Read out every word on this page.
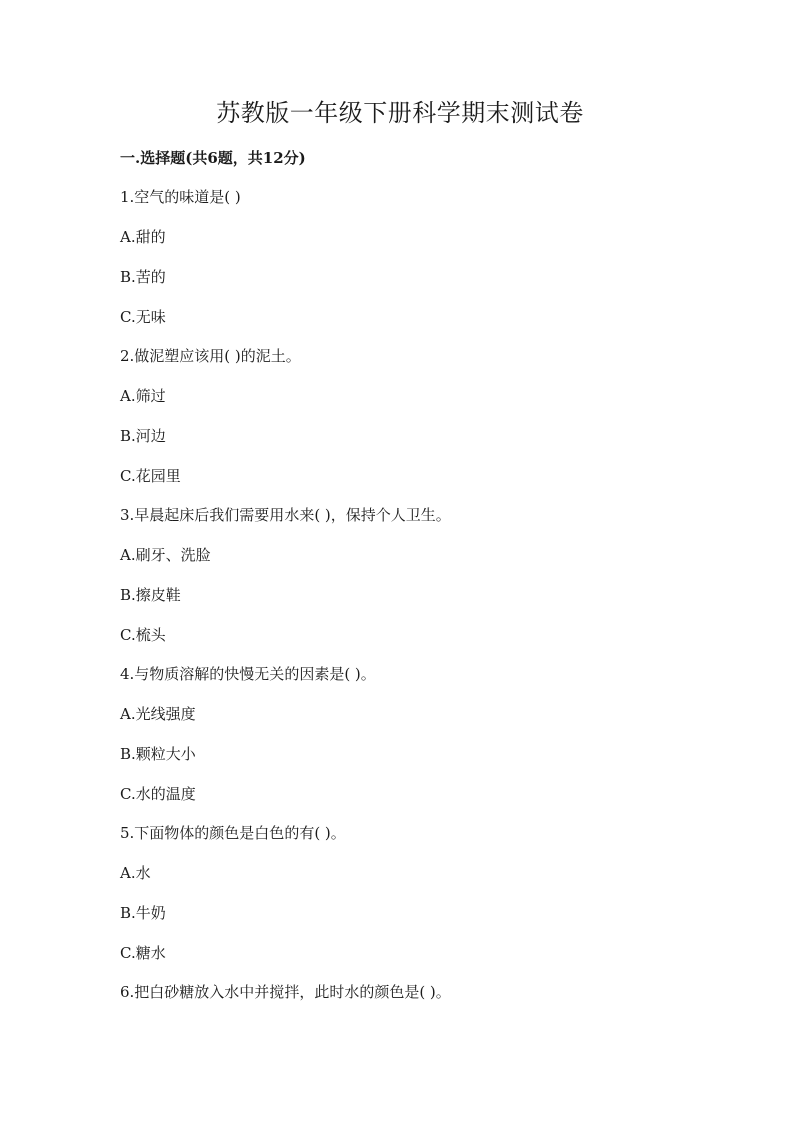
苏教版一年级下册科学期末测试卷
一.选择题(共6题，共12分)
1.空气的味道是( )
A.甜的
B.苦的
C.无味
2.做泥塑应该用( )的泥土。
A.筛过
B.河边
C.花园里
3.早晨起床后我们需要用水来( )，保持个人卫生。
A.刷牙、洗脸
B.擦皮鞋
C.梳头
4.与物质溶解的快慢无关的因素是( )。
A.光线强度
B.颗粒大小
C.水的温度
5.下面物体的颜色是白色的有( )。
A.水
B.牛奶
C.糖水
6.把白砂糖放入水中并搅拌，此时水的颜色是( )。
